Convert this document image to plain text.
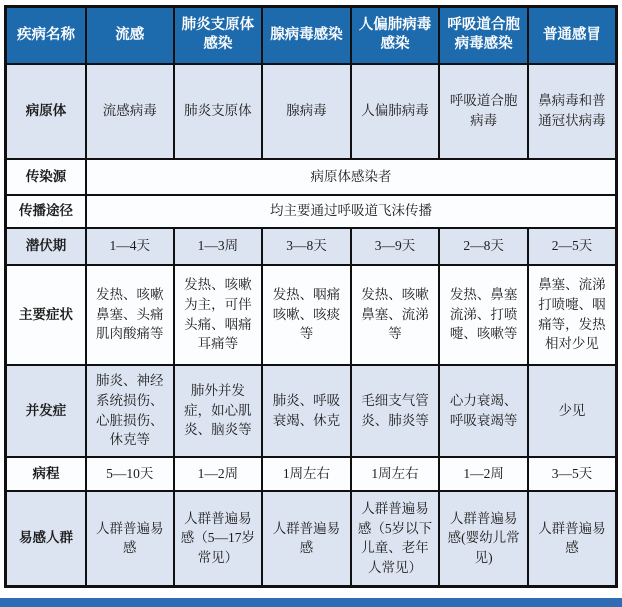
疾病名称	流感	肺炎支原体感染	腺病毒感染	人偏肺病毒感染	呼吸道合胞病毒感染	普通感冒
病原体	流感病毒	肺炎支原体	腺病毒	人偏肺病毒	呼吸道合胞病毒	鼻病毒和普通冠状病毒
传染源	病原体感染者					
传播途径	均主要通过呼吸道飞沫传播					
潜伏期	1—4天	1—3周	3—8天	3—9天	2—8天	2—5天
主要症状	发热、咳嗽鼻塞、头痛肌肉酸痛等	发热、咳嗽为主，可伴头痛、咽痛耳痛等	发热、咽痛咳嗽、咳痰等	发热、咳嗽鼻塞、流涕等	发热、鼻塞流涕、打喷嚏、咳嗽等	鼻塞、流涕打喷嚏、咽痛等，发热相对少见
并发症	肺炎、神经系统损伤、心脏损伤、休克等	肺外并发症，如心肌炎、脑炎等	肺炎、呼吸衰竭、休克	毛细支气管炎、肺炎等	心力衰竭、呼吸衰竭等	少见
病程	5—10天	1—2周	1周左右	1周左右	1—2周	3—5天
易感人群	人群普遍易感	人群普遍易感（5—17岁常见）	人群普遍易感	人群普遍易感（5岁以下儿童、老年人常见）	人群普遍易感(婴幼儿常见)	人群普遍易感
